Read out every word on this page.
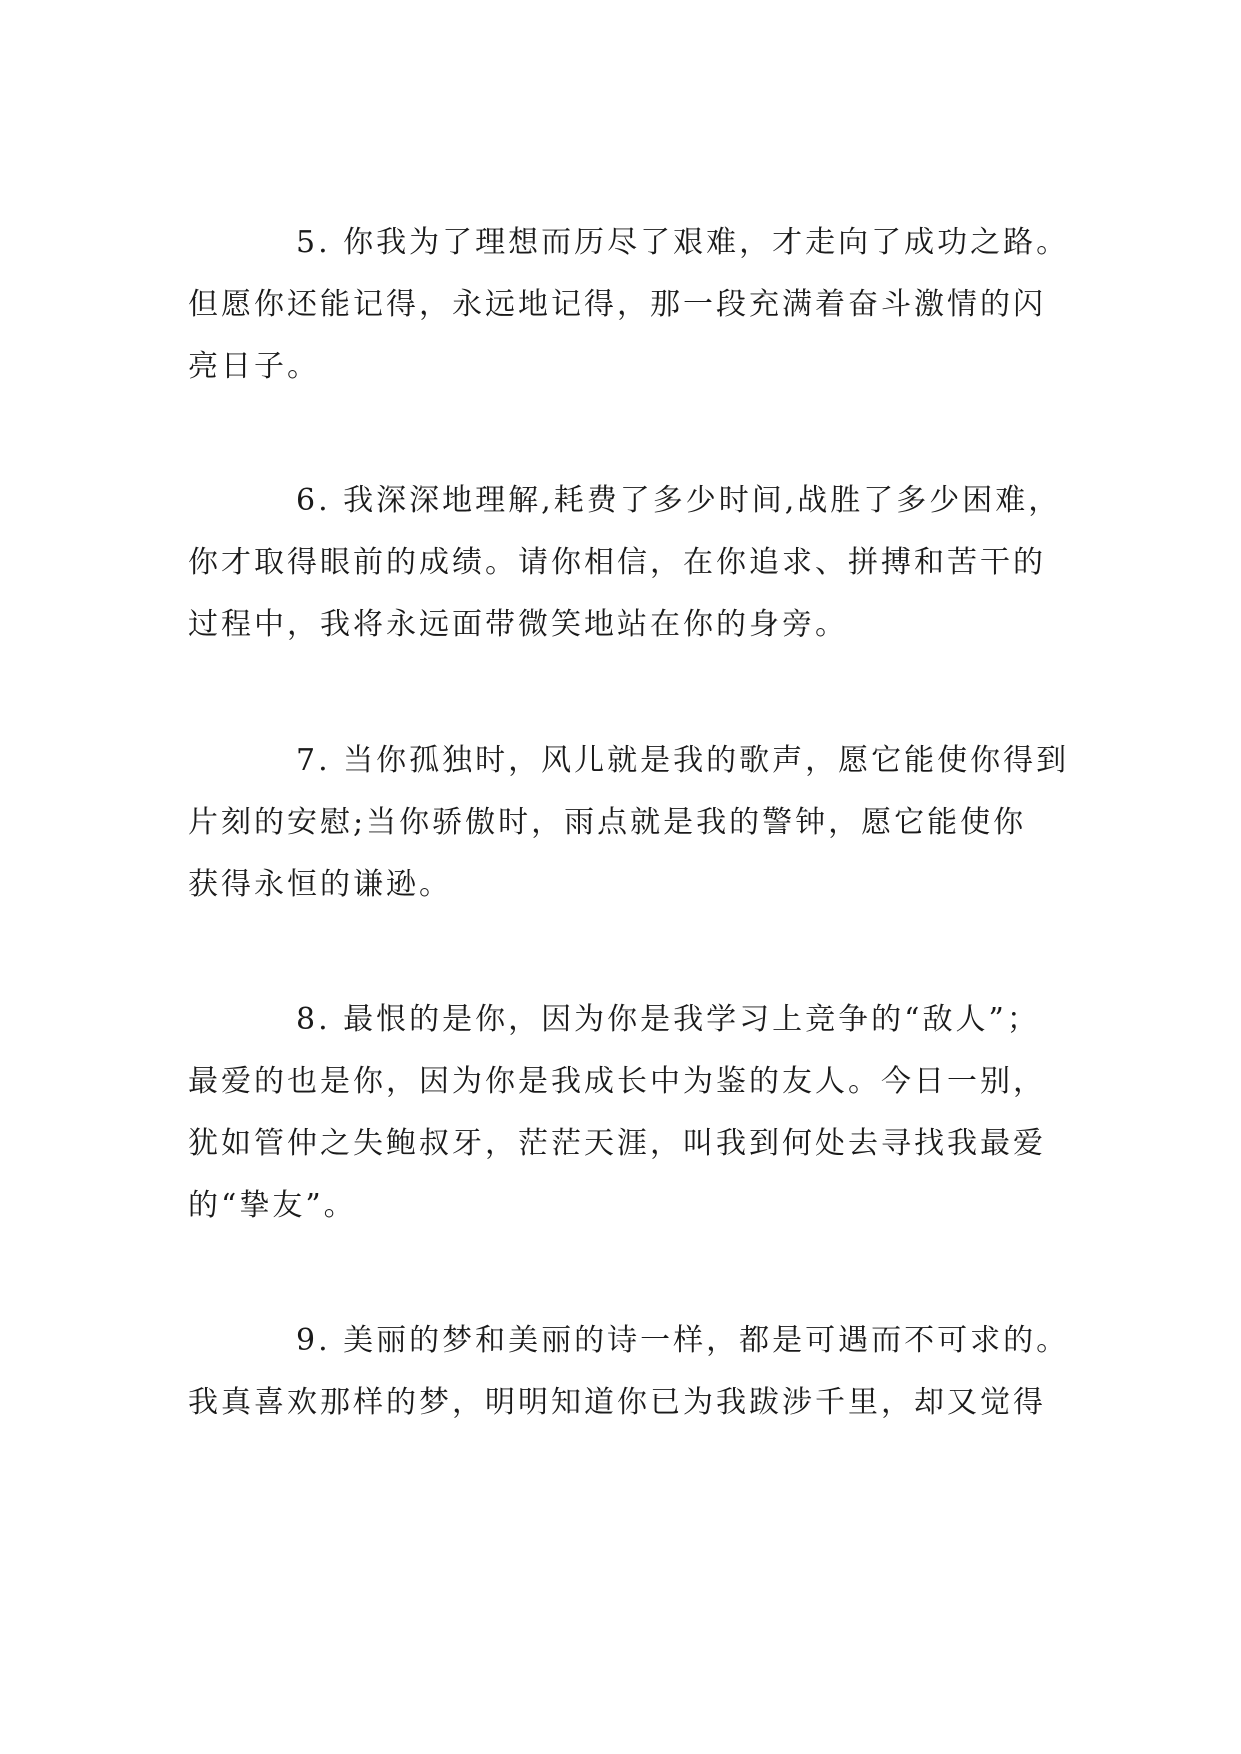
5. 你我为了理想而历尽了艰难，才走向了成功之路。
但愿你还能记得，永远地记得，那一段充满着奋斗激情的闪
亮日子。
6. 我深深地理解,耗费了多少时间,战胜了多少困难，
你才取得眼前的成绩。请你相信，在你追求、拼搏和苦干的
过程中，我将永远面带微笑地站在你的身旁。
7. 当你孤独时，风儿就是我的歌声，愿它能使你得到
片刻的安慰;当你骄傲时，雨点就是我的警钟，愿它能使你
获得永恒的谦逊。
8. 最恨的是你，因为你是我学习上竞争的“敌人”；
最爱的也是你，因为你是我成长中为鉴的友人。今日一别，
犹如管仲之失鲍叔牙，茫茫天涯，叫我到何处去寻找我最爱
的“挚友”。
9. 美丽的梦和美丽的诗一样，都是可遇而不可求的。
我真喜欢那样的梦，明明知道你已为我跋涉千里，却又觉得
